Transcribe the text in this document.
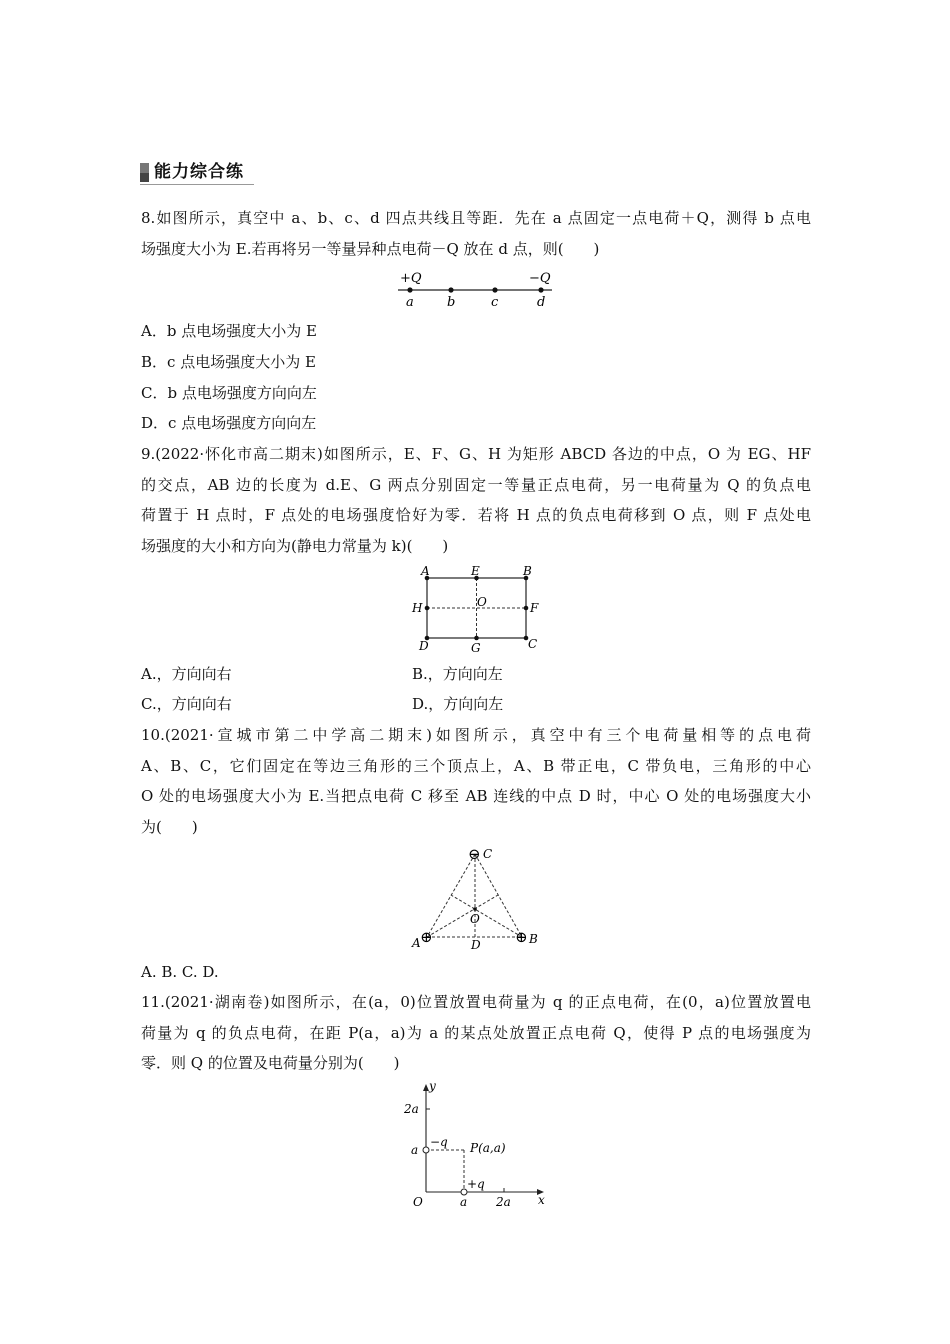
能力综合练
8.如图所示，真空中 a、b、c、d 四点共线且等距．先在 a 点固定一点电荷＋Q，测得 b 点电
场强度大小为 E.若再将另一等量异种点电荷－Q 放在 d 点，则(　　)
+Q	−Q
a	b	c	d
A．b 点电场强度大小为 E
B．c 点电场强度大小为 E
C．b 点电场强度方向向左
D．c 点电场强度方向向左
9.(2022·怀化市高二期末)如图所示，E、F、G、H 为矩形 ABCD 各边的中点，O 为 EG、HF
的交点，AB 边的长度为 d.E、G 两点分别固定一等量正点电荷，另一电荷量为 Q 的负点电
荷置于 H 点时，F 点处的电场强度恰好为零．若将 H 点的负点电荷移到 O 点，则 F 点处电
场强度的大小和方向为(静电力常量为 k)(　　)
A	E	B
H	O	F
D	G	C
A.，方向向右	B.，方向向左
C.，方向向右	D.，方向向左
10.(2021·宣城市第二中学高二期末)如图所示，真空中有三个电荷量相等的点电荷
A、B、C，它们固定在等边三角形的三个顶点上，A、B 带正电，C 带负电，三角形的中心
O 处的电场强度大小为 E.当把点电荷 C 移至 AB 连线的中点 D 时，中心 O 处的电场强度大小
为(　　)
⊖
⊕	⊕
C
O
A	D	B
A. B. C. D.
11.(2021·湖南卷)如图所示，在(a，0)位置放置电荷量为 q 的正点电荷，在(0，a)位置放置电
荷量为 q 的负点电荷，在距 P(a，a)为 a 的某点处放置正点电荷 Q，使得 P 点的电场强度为
零．则 Q 的位置及电荷量分别为(　　)
y
x
O
2a
a
a 2a
−q
+q
P(a,a)
